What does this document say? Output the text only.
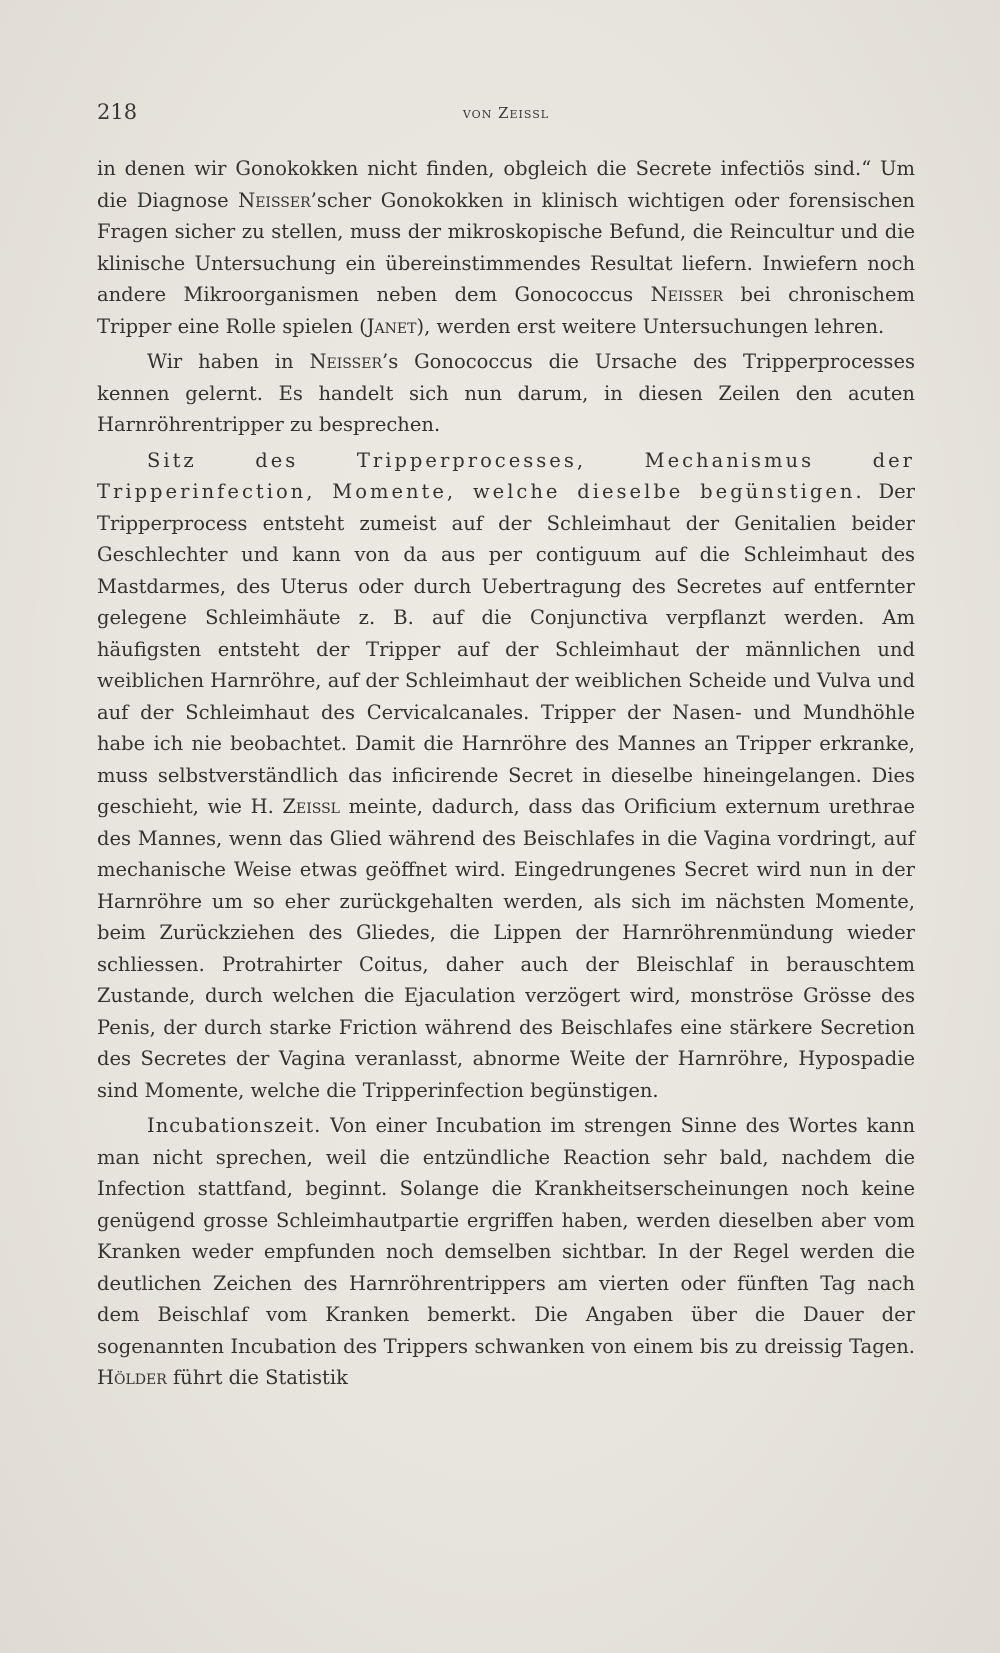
218	von Zeissl

in denen wir Gonokokken nicht finden, obgleich die Secrete infectiös sind.“ Um die Diagnose Neisser’scher Gonokokken in klinisch wichtigen oder forensischen Fragen sicher zu stellen, muss der mikroskopische Befund, die Reincultur und die klinische Untersuchung ein übereinstimmendes Resultat liefern. Inwiefern noch andere Mikroorganismen neben dem Gonococcus Neisser bei chronischem Tripper eine Rolle spielen (Janet), werden erst weitere Untersuchungen lehren.

Wir haben in Neisser’s Gonococcus die Ursache des Tripperprocesses kennen gelernt. Es handelt sich nun darum, in diesen Zeilen den acuten Harnröhrentripper zu besprechen.

Sitz des Tripperprocesses, Mechanismus der Tripperinfection, Momente, welche dieselbe begünstigen. Der Tripperprocess entsteht zumeist auf der Schleimhaut der Genitalien beider Geschlechter und kann von da aus per contiguum auf die Schleimhaut des Mastdarmes, des Uterus oder durch Uebertragung des Secretes auf entfernter gelegene Schleimhäute z. B. auf die Conjunctiva verpflanzt werden. Am häufigsten entsteht der Tripper auf der Schleimhaut der männlichen und weiblichen Harnröhre, auf der Schleimhaut der weiblichen Scheide und Vulva und auf der Schleimhaut des Cervicalcanales. Tripper der Nasen- und Mundhöhle habe ich nie beobachtet. Damit die Harnröhre des Mannes an Tripper erkranke, muss selbstverständlich das inficirende Secret in dieselbe hineingelangen. Dies geschieht, wie H. Zeissl meinte, dadurch, dass das Orificium externum urethrae des Mannes, wenn das Glied während des Beischlafes in die Vagina vordringt, auf mechanische Weise etwas geöffnet wird. Eingedrungenes Secret wird nun in der Harnröhre um so eher zurückgehalten werden, als sich im nächsten Momente, beim Zurückziehen des Gliedes, die Lippen der Harnröhrenmündung wieder schliessen. Protrahirter Coitus, daher auch der Bleischlaf in berauschtem Zustande, durch welchen die Ejaculation verzögert wird, monströse Grösse des Penis, der durch starke Friction während des Beischlafes eine stärkere Secretion des Secretes der Vagina veranlasst, abnorme Weite der Harnröhre, Hypospadie sind Momente, welche die Tripperinfection begünstigen.

Incubationszeit. Von einer Incubation im strengen Sinne des Wortes kann man nicht sprechen, weil die entzündliche Reaction sehr bald, nachdem die Infection stattfand, beginnt. Solange die Krankheitserscheinungen noch keine genügend grosse Schleimhautpartie ergriffen haben, werden dieselben aber vom Kranken weder empfunden noch demselben sichtbar. In der Regel werden die deutlichen Zeichen des Harnröhrentrippers am vierten oder fünften Tag nach dem Beischlaf vom Kranken bemerkt. Die Angaben über die Dauer der sogenannten Incubation des Trippers schwanken von einem bis zu dreissig Tagen. Hölder führt die Statistik
